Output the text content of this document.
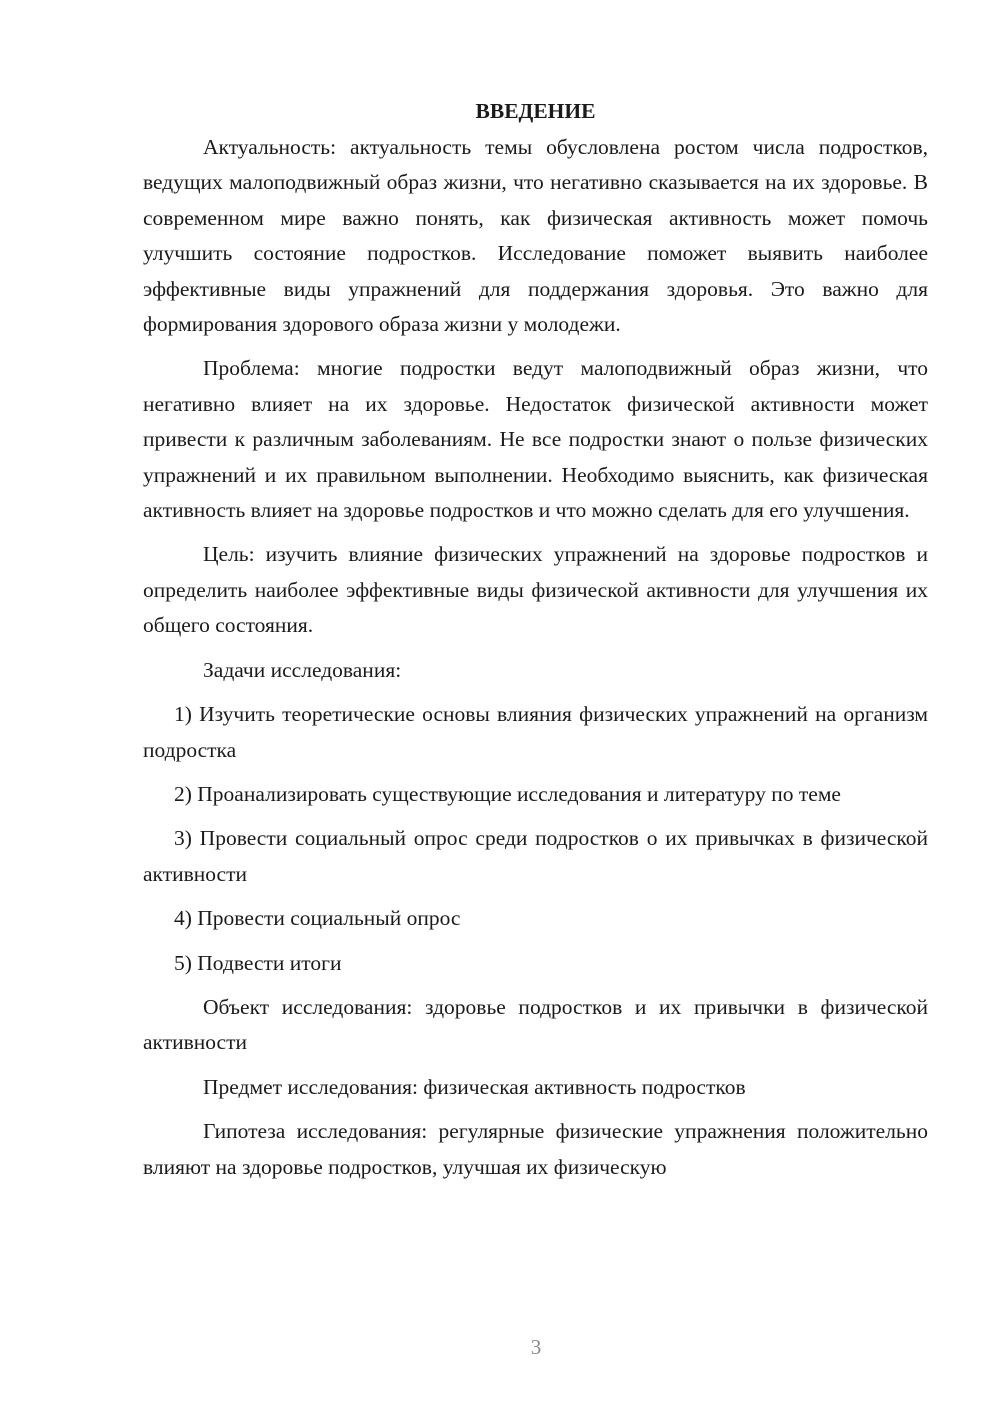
ВВЕДЕНИЕ

Актуальность: актуальность темы обусловлена ростом числа подростков, ведущих малоподвижный образ жизни, что негативно сказывается на их здоровье. В современном мире важно понять, как физическая активность может помочь улучшить состояние подростков. Исследование поможет выявить наиболее эффективные виды упражнений для поддержания здоровья. Это важно для формирования здорового образа жизни у молодежи.

Проблема: многие подростки ведут малоподвижный образ жизни, что негативно влияет на их здоровье. Недостаток физической активности может привести к различным заболеваниям. Не все подростки знают о пользе физических упражнений и их правильном выполнении. Необходимо выяснить, как физическая активность влияет на здоровье подростков и что можно сделать для его улучшения.

Цель: изучить влияние физических упражнений на здоровье подростков и определить наиболее эффективные виды физической активности для улучшения их общего состояния.

Задачи исследования:

1) Изучить теоретические основы влияния физических упражнений на организм подростка

2) Проанализировать существующие исследования и литературу по теме

3) Провести социальный опрос среди подростков о их привычках в физической активности

4) Провести социальный опрос

5) Подвести итоги

Объект исследования: здоровье подростков и их привычки в физической активности

Предмет исследования: физическая активность подростков

Гипотеза исследования: регулярные физические упражнения положительно влияют на здоровье подростков, улучшая их физическую

3
